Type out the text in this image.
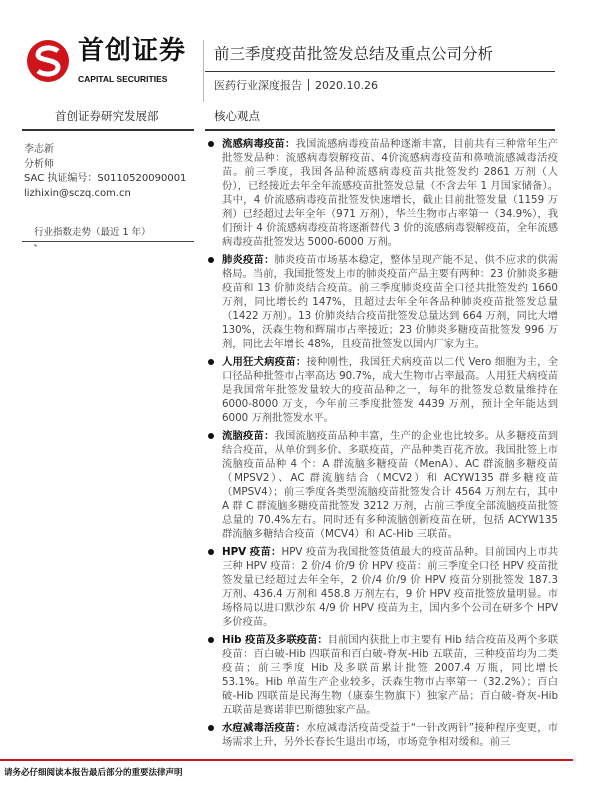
首创证券
CAPITAL SECURITIES
前三季度疫苗批签发总结及重点公司分析
医药行业深度报告 2020.10.26
首创证券研究发展部	核心观点
李志新
分析师
SAC 执证编号：S0110520090001
lizhixin@sczq.com.cn
行业指数走势（最近 1 年）
流感病毒疫苗：我国流感病毒疫苗品种逐渐丰富，目前共有三种常年生产批签发品种：流感病毒裂解疫苗、4价流感病毒疫苗和鼻喷流感减毒活疫苗。前三季度，我国各品种流感病毒疫苗共批签发约 2861 万剂（人份），已经接近去年全年流感疫苗批签发总量（不含去年 1 月国家储备）。其中，4 价流感病毒疫苗批签发快速增长，截止目前批签发量（1159 万剂）已经超过去年全年（971 万剂），华兰生物市占率第一（34.9%），我们预计 4 价流感病毒疫苗将逐渐替代 3 价的流感病毒裂解疫苗，全年流感病毒疫苗批签发达 5000-6000 万剂。
肺炎疫苗：肺炎疫苗市场基本稳定，整体呈现产能不足、供不应求的供需格局。当前，我国批签发上市的肺炎疫苗产品主要有两种：23 价肺炎多糖疫苗和 13 价肺炎结合疫苗。前三季度肺炎疫苗全口径共批签发约 1660 万剂，同比增长约 147%，且超过去年全年各品种肺炎疫苗批签发总量（1422 万剂）。13 价肺炎结合疫苗批签发总量达到 664 万剂，同比大增 130%，沃森生物和辉瑞市占率接近；23 价肺炎多糖疫苗批签发 996 万剂，同比去年增长 48%，且疫苗批签发以国内厂家为主。
人用狂犬病疫苗：接种刚性，我国狂犬病疫苗以二代 Vero 细胞为主，全口径品种批签市占率高达 90.7%，成大生物市占率最高。人用狂犬病疫苗是我国常年批签发量较大的疫苗品种之一，每年的批签发总数量维持在 6000-8000 万支，今年前三季度批签发 4439 万剂，预计全年能达到 6000 万剂批签发水平。
流脑疫苗：我国流脑疫苗品种丰富，生产的企业也比较多。从多糖疫苗到结合疫苗，从单价到多价、多联疫苗，产品种类百花齐放。我国批签上市流脑疫苗品种 4 个：A 群流脑多糖疫苗（MenA）、AC 群流脑多糖疫苗（MPSV2）、AC 群流脑结合（MCV2）和 ACYW135 群多糖疫苗（MPSV4）；前三季度各类型流脑疫苗批签发合计 4564 万剂左右，其中 A 群 C 群流脑多糖疫苗批签发 3212 万剂，占前三季度全部流脑疫苗批签总量的 70.4%左右。同时还有多种流脑创新疫苗在研，包括 ACYW135 群流脑多糖结合疫苗（MCV4）和 AC-Hib 三联苗。
HPV 疫苗：HPV 疫苗为我国批签货值最大的疫苗品种。目前国内上市共三种 HPV 疫苗：2 价/4 价/9 价 HPV 疫苗：前三季度全口径 HPV 疫苗批签发量已经超过去年全年，2 价/4 价/9 价 HPV 疫苗分别批签发 187.3 万剂、436.4 万剂和 458.8 万剂左右，9 价 HPV 疫苗批签放量明显。市场格局以进口默沙东 4/9 价 HPV 疫苗为主，国内多个公司在研多个 HPV 多价疫苗。
Hib 疫苗及多联疫苗：目前国内获批上市主要有 Hib 结合疫苗及两个多联疫苗：百白破-Hib 四联苗和百白破-脊灰-Hib 五联苗，三种疫苗均为二类疫苗；前三季度 Hib 及多联苗累计批签 2007.4 万瓶，同比增长 53.1%。Hib 单苗生产企业较多，沃森生物市占率第一（32.2%）；百白破-Hib 四联苗是民海生物（康泰生物旗下）独家产品；百白破-脊灰-Hib 五联苗是赛诺菲巴斯德独家产品。
水痘减毒活疫苗：水痘减毒活疫苗受益于“一针改两针”接种程序变更，市场需求上升，另外长春长生退出市场，市场竞争相对缓和。前三
请务必仔细阅读本报告最后部分的重要法律声明
